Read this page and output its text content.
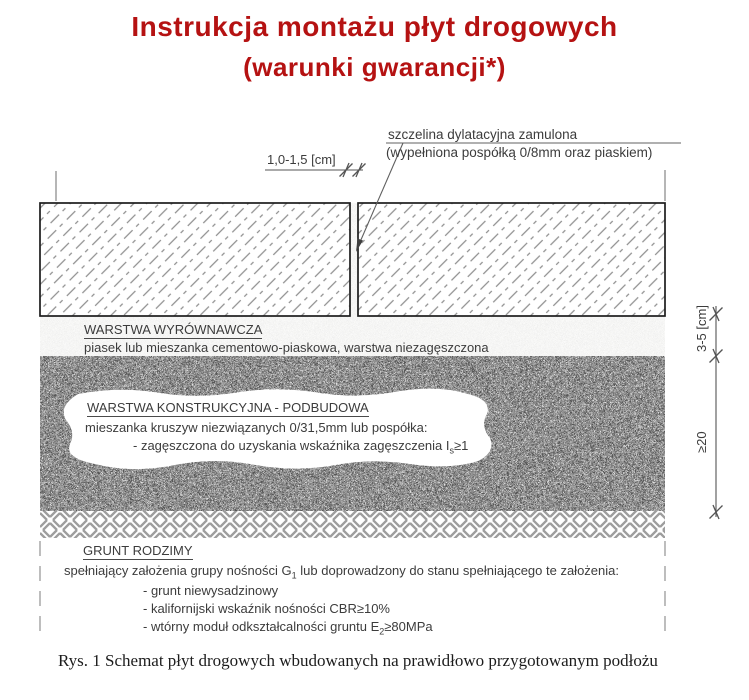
Instrukcja montażu płyt drogowych
(warunki gwarancji*)
szczelina dylatacyjna zamulona
(wypełniona pospółką 0/8mm oraz piaskiem)
1,0-1,5 [cm]
WARSTWA WYRÓWNAWCZA
piasek lub mieszanka cementowo-piaskowa, warstwa niezagęszczona
WARSTWA KONSTRUKCYJNA - PODBUDOWA
mieszanka kruszyw niezwiązanych 0/31,5mm lub pospółka:
- zagęszczona do uzyskania wskaźnika zagęszczenia $I_s\ge 1$
GRUNT RODZIMY
spełniający założenia grupy nośności $G_1$ lub doprowadzony do stanu spełniającego te założenia:
- grunt niewysadzinowy
- kalifornijski wskaźnik nośności CBR≥10%
- wtórny moduł odkształcalności gruntu $E_2\ge 80MPa$
3-5 [cm]
≥20
Rys. 1 Schemat płyt drogowych wbudowanych na prawidłowo przygotowanym podłożu
